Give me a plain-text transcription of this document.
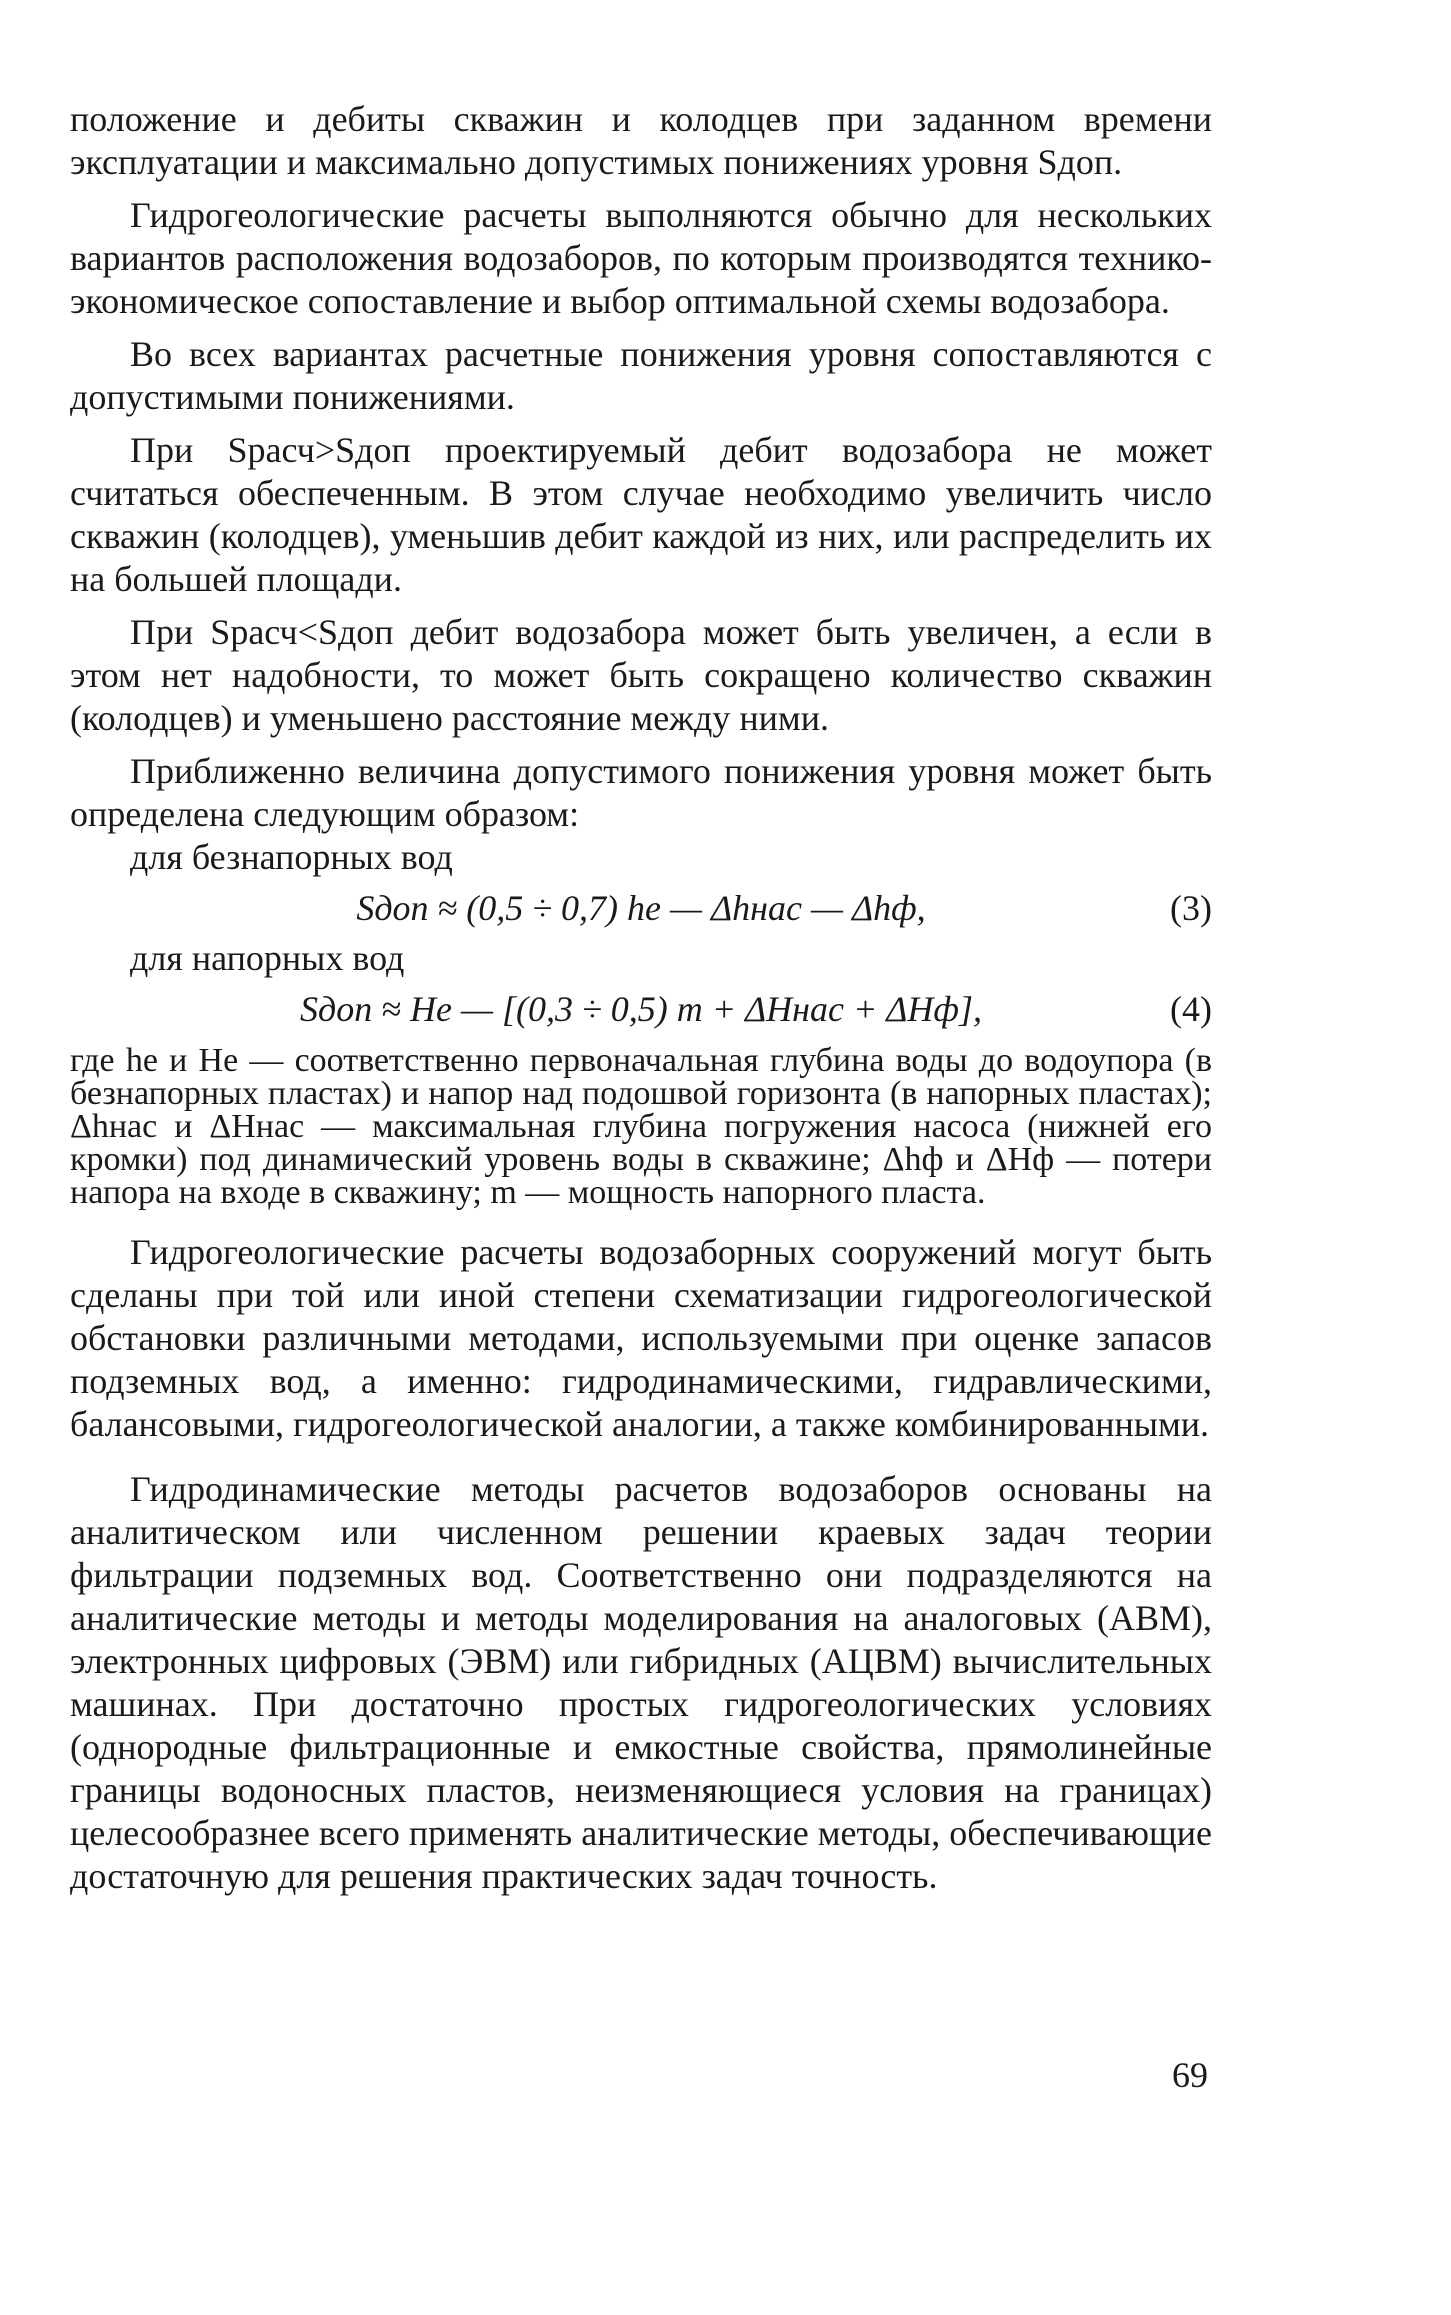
положение и дебиты скважин и колодцев при заданном времени эксплуатации и максимально допустимых понижениях уровня Sдоп.

Гидрогеологические расчеты выполняются обычно для нескольких вариантов расположения водозаборов, по которым производятся технико-экономическое сопоставление и выбор оптимальной схемы водозабора.

Во всех вариантах расчетные понижения уровня сопоставляются с допустимыми понижениями.

При Sрасч>Sдоп проектируемый дебит водозабора не может считаться обеспеченным. В этом случае необходимо увеличить число скважин (колодцев), уменьшив дебит каждой из них, или распределить их на большей площади.

При Sрасч<Sдоп дебит водозабора может быть увеличен, а если в этом нет надобности, то может быть сокращено количество скважин (колодцев) и уменьшено расстояние между ними.

Приближенно величина допустимого понижения уровня может быть определена следующим образом:

для безнапорных вод

Sдоп ≈ (0,5 ÷ 0,7) hе — Δhнас — Δhф,	(3)

для напорных вод

Sдоп ≈ Hе — [(0,3 ÷ 0,5) m + ΔHнас + ΔHф],	(4)

где hе и Hе — соответственно первоначальная глубина воды до водоупора (в безнапорных пластах) и напор над подошвой горизонта (в напорных пластах); Δhнас и ΔHнас — максимальная глубина погружения насоса (нижней его кромки) под динамический уровень воды в скважине; Δhф и ΔHф — потери напора на входе в скважину; m — мощность напорного пласта.

Гидрогеологические расчеты водозаборных сооружений могут быть сделаны при той или иной степени схематизации гидрогеологической обстановки различными методами, используемыми при оценке запасов подземных вод, а именно: гидродинамическими, гидравлическими, балансовыми, гидрогеологической аналогии, а также комбинированными.

Гидродинамические методы расчетов водозаборов основаны на аналитическом или численном решении краевых задач теории фильтрации подземных вод. Соответственно они подразделяются на аналитические методы и методы моделирования на аналоговых (АВМ), электронных цифровых (ЭВМ) или гибридных (АЦВМ) вычислительных машинах. При достаточно простых гидрогеологических условиях (однородные фильтрационные и емкостные свойства, прямолинейные границы водоносных пластов, неизменяющиеся условия на границах) целесообразнее всего применять аналитические методы, обеспечивающие достаточную для решения практических задач точность.

69
